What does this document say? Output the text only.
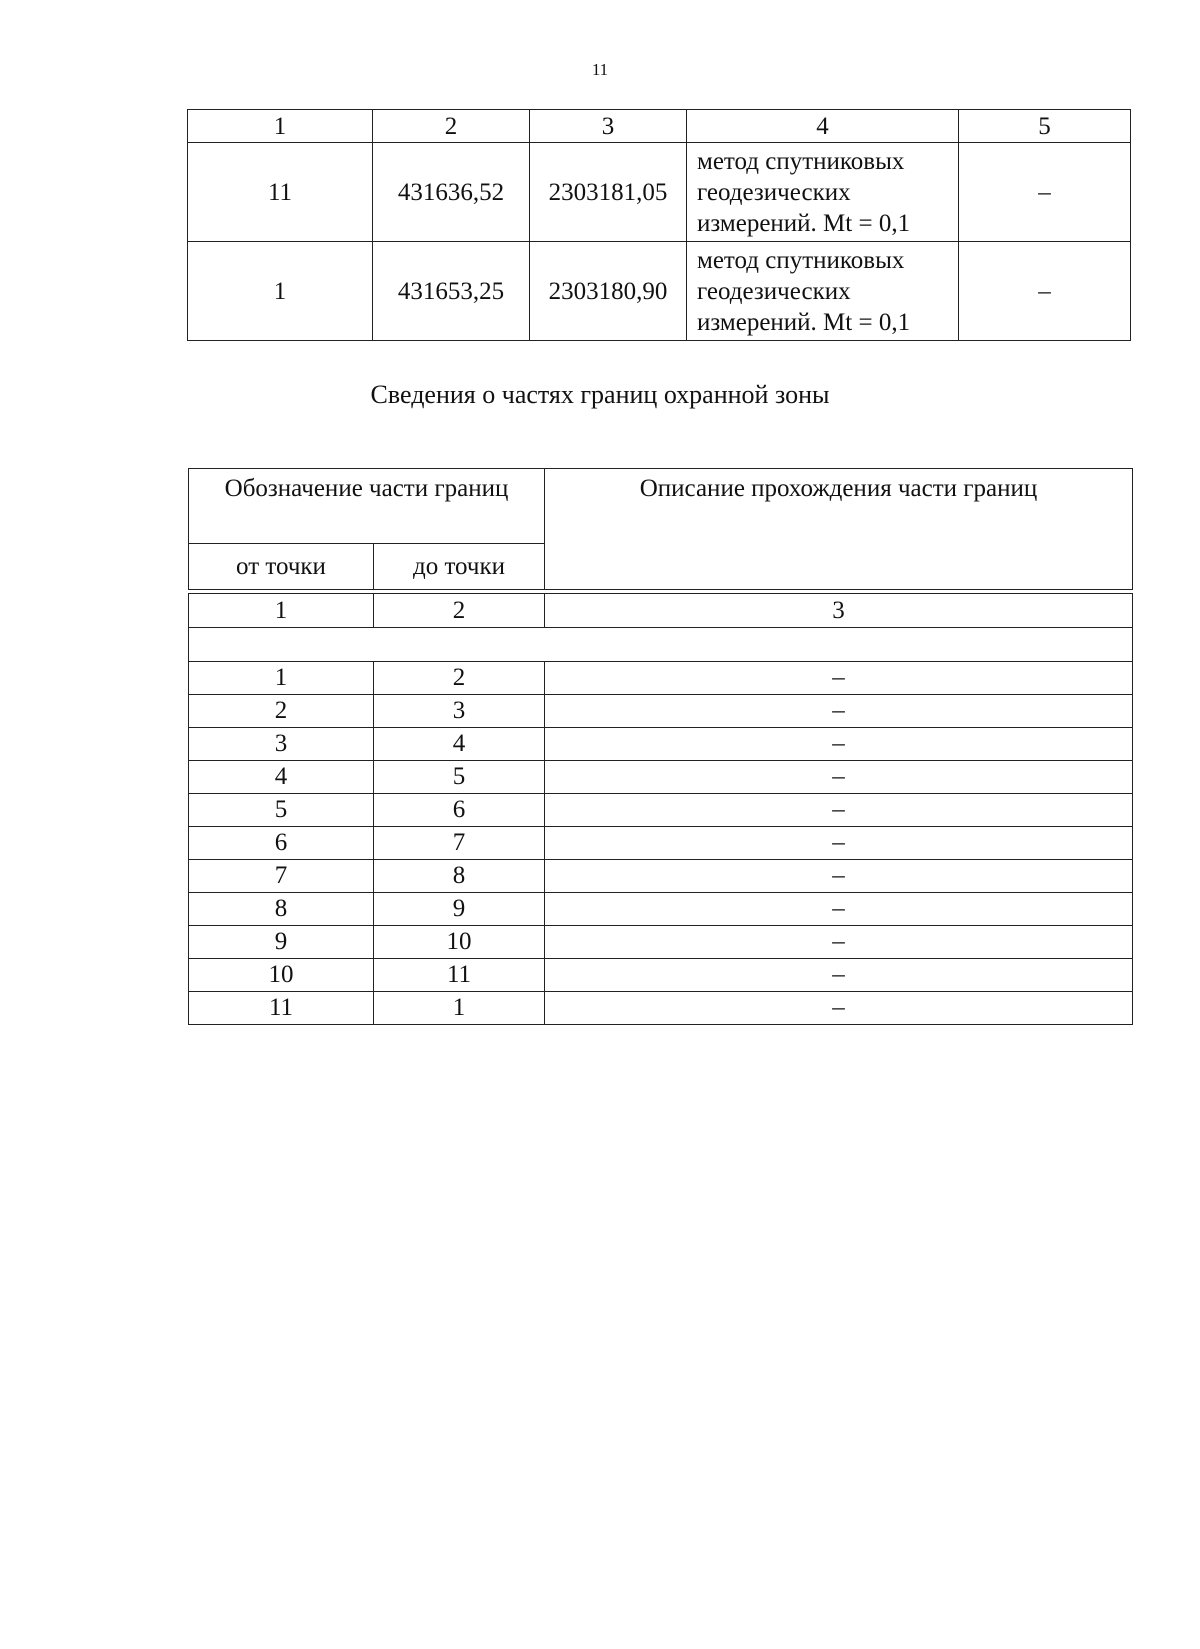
11
1	2	3	4	5
11	431636,52	2303181,05	метод спутниковых
геодезических
измерений. Mt = 0,1	–
1	431653,25	2303180,90	метод спутниковых
геодезических
измерений. Mt = 0,1	–
Сведения о частях границ охранной зоны
Обозначение части границ		Описание прохождения части границ
от точки	до точки	

1	2	3

1	2	–
2	3	–
3	4	–
4	5	–
5	6	–
6	7	–
7	8	–
8	9	–
9	10	–
10	11	–
11	1	–
